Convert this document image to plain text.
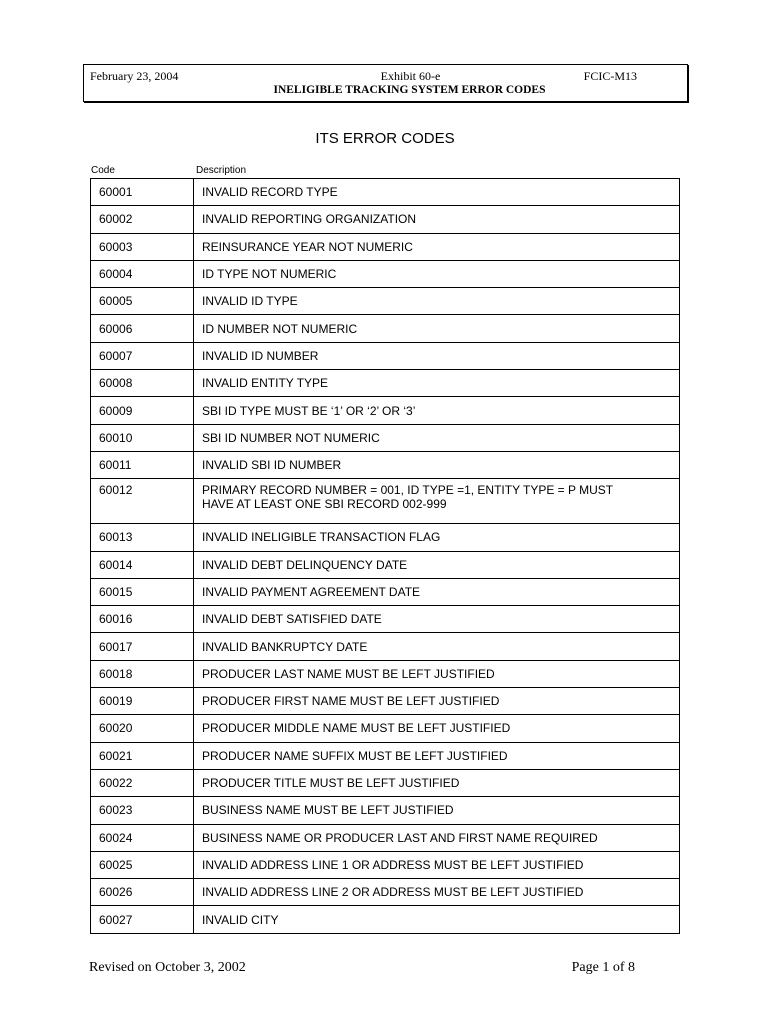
February 23, 2004	Exhibit 60-e	FCIC-M13
INELIGIBLE TRACKING SYSTEM ERROR CODES
ITS ERROR CODES
Code	Description
60001	INVALID RECORD TYPE
60002	INVALID REPORTING ORGANIZATION
60003	REINSURANCE YEAR NOT NUMERIC
60004	ID TYPE NOT NUMERIC
60005	INVALID ID TYPE
60006	ID NUMBER NOT NUMERIC
60007	INVALID ID NUMBER
60008	INVALID ENTITY TYPE
60009	SBI ID TYPE MUST BE ‘1’ OR ‘2’ OR ‘3’
60010	SBI ID NUMBER NOT NUMERIC
60011	INVALID SBI ID NUMBER
60012	PRIMARY RECORD NUMBER = 001, ID TYPE =1, ENTITY TYPE = P MUST
HAVE AT LEAST ONE SBI RECORD 002-999

60013	INVALID INELIGIBLE TRANSACTION FLAG
60014	INVALID DEBT DELINQUENCY DATE
60015	INVALID PAYMENT AGREEMENT DATE
60016	INVALID DEBT SATISFIED DATE
60017	INVALID BANKRUPTCY DATE
60018	PRODUCER LAST NAME MUST BE LEFT JUSTIFIED
60019	PRODUCER FIRST NAME MUST BE LEFT JUSTIFIED
60020	PRODUCER MIDDLE NAME MUST BE LEFT JUSTIFIED
60021	PRODUCER NAME SUFFIX MUST BE LEFT JUSTIFIED
60022	PRODUCER TITLE MUST BE LEFT JUSTIFIED
60023	BUSINESS NAME MUST BE LEFT JUSTIFIED
60024	BUSINESS NAME OR PRODUCER LAST AND FIRST NAME REQUIRED
60025	INVALID ADDRESS LINE 1 OR ADDRESS MUST BE LEFT JUSTIFIED
60026	INVALID ADDRESS LINE 2 OR ADDRESS MUST BE LEFT JUSTIFIED
60027	INVALID CITY
Revised on October 3, 2002	Page 1 of 8
